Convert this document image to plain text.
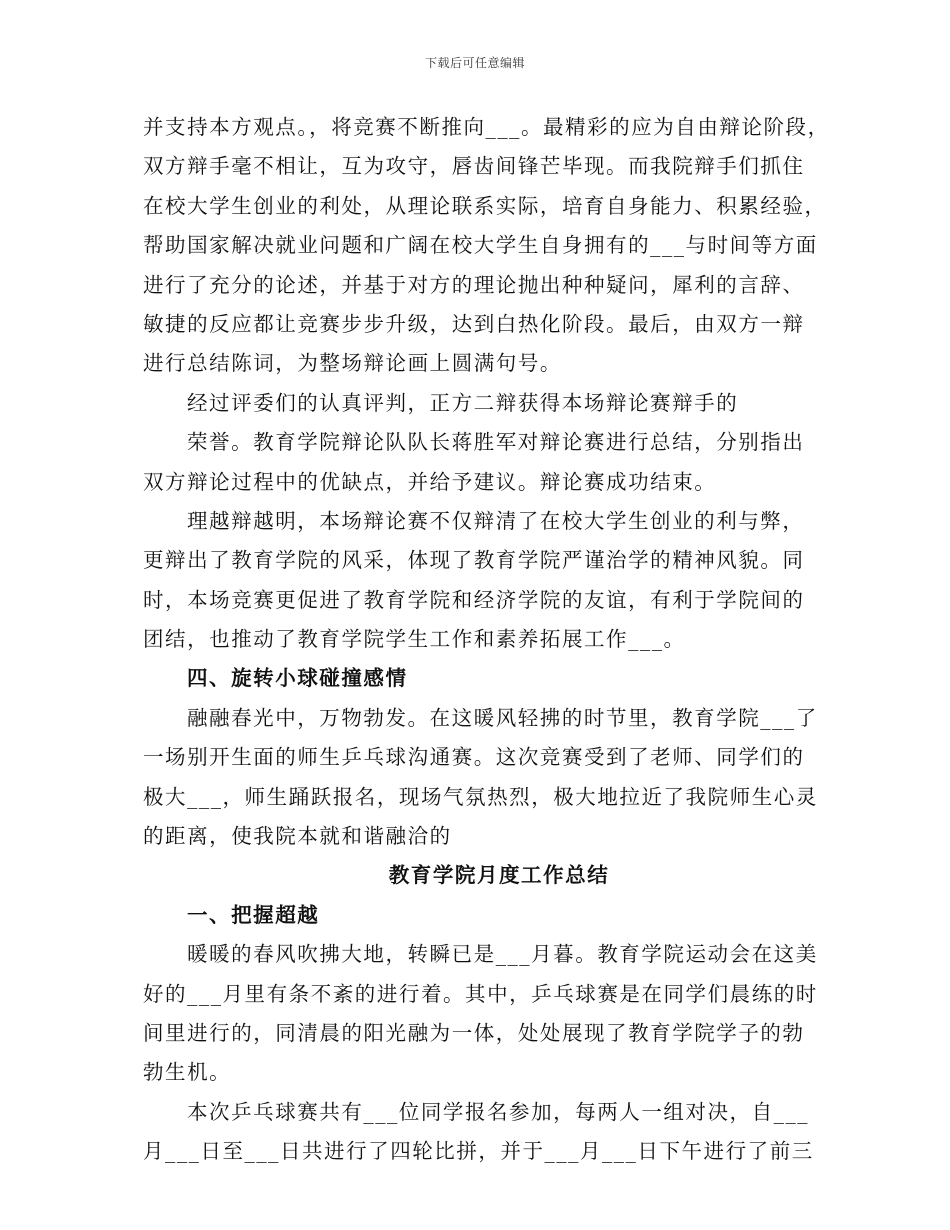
下载后可任意编辑
并支持本方观点。，将竞赛不断推向___。最精彩的应为自由辩论阶段，
双方辩手毫不相让，互为攻守，唇齿间锋芒毕现。而我院辩手们抓住
在校大学生创业的利处，从理论联系实际，培育自身能力、积累经验，
帮助国家解决就业问题和广阔在校大学生自身拥有的___与时间等方面
进行了充分的论述，并基于对方的理论抛出种种疑问，犀利的言辞、
敏捷的反应都让竞赛步步升级，达到白热化阶段。最后，由双方一辩
进行总结陈词，为整场辩论画上圆满句号。
经过评委们的认真评判，正方二辩获得本场辩论赛辩手的
荣誉。教育学院辩论队队长蒋胜军对辩论赛进行总结，分别指出
双方辩论过程中的优缺点，并给予建议。辩论赛成功结束。
理越辩越明，本场辩论赛不仅辩清了在校大学生创业的利与弊，
更辩出了教育学院的风采，体现了教育学院严谨治学的精神风貌。同
时，本场竞赛更促进了教育学院和经济学院的友谊，有利于学院间的
团结，也推动了教育学院学生工作和素养拓展工作___。
四、旋转小球碰撞感情
融融春光中，万物勃发。在这暖风轻拂的时节里，教育学院___了
一场别开生面的师生乒乓球沟通赛。这次竞赛受到了老师、同学们的
极大___，师生踊跃报名，现场气氛热烈，极大地拉近了我院师生心灵
的距离，使我院本就和谐融洽的
教育学院月度工作总结
一、把握超越
暖暖的春风吹拂大地，转瞬已是___月暮。教育学院运动会在这美
好的___月里有条不紊的进行着。其中，乒乓球赛是在同学们晨练的时
间里进行的，同清晨的阳光融为一体，处处展现了教育学院学子的勃
勃生机。
本次乒乓球赛共有___位同学报名参加，每两人一组对决，自___
月___日至___日共进行了四轮比拼，并于___月___日下午进行了前三
